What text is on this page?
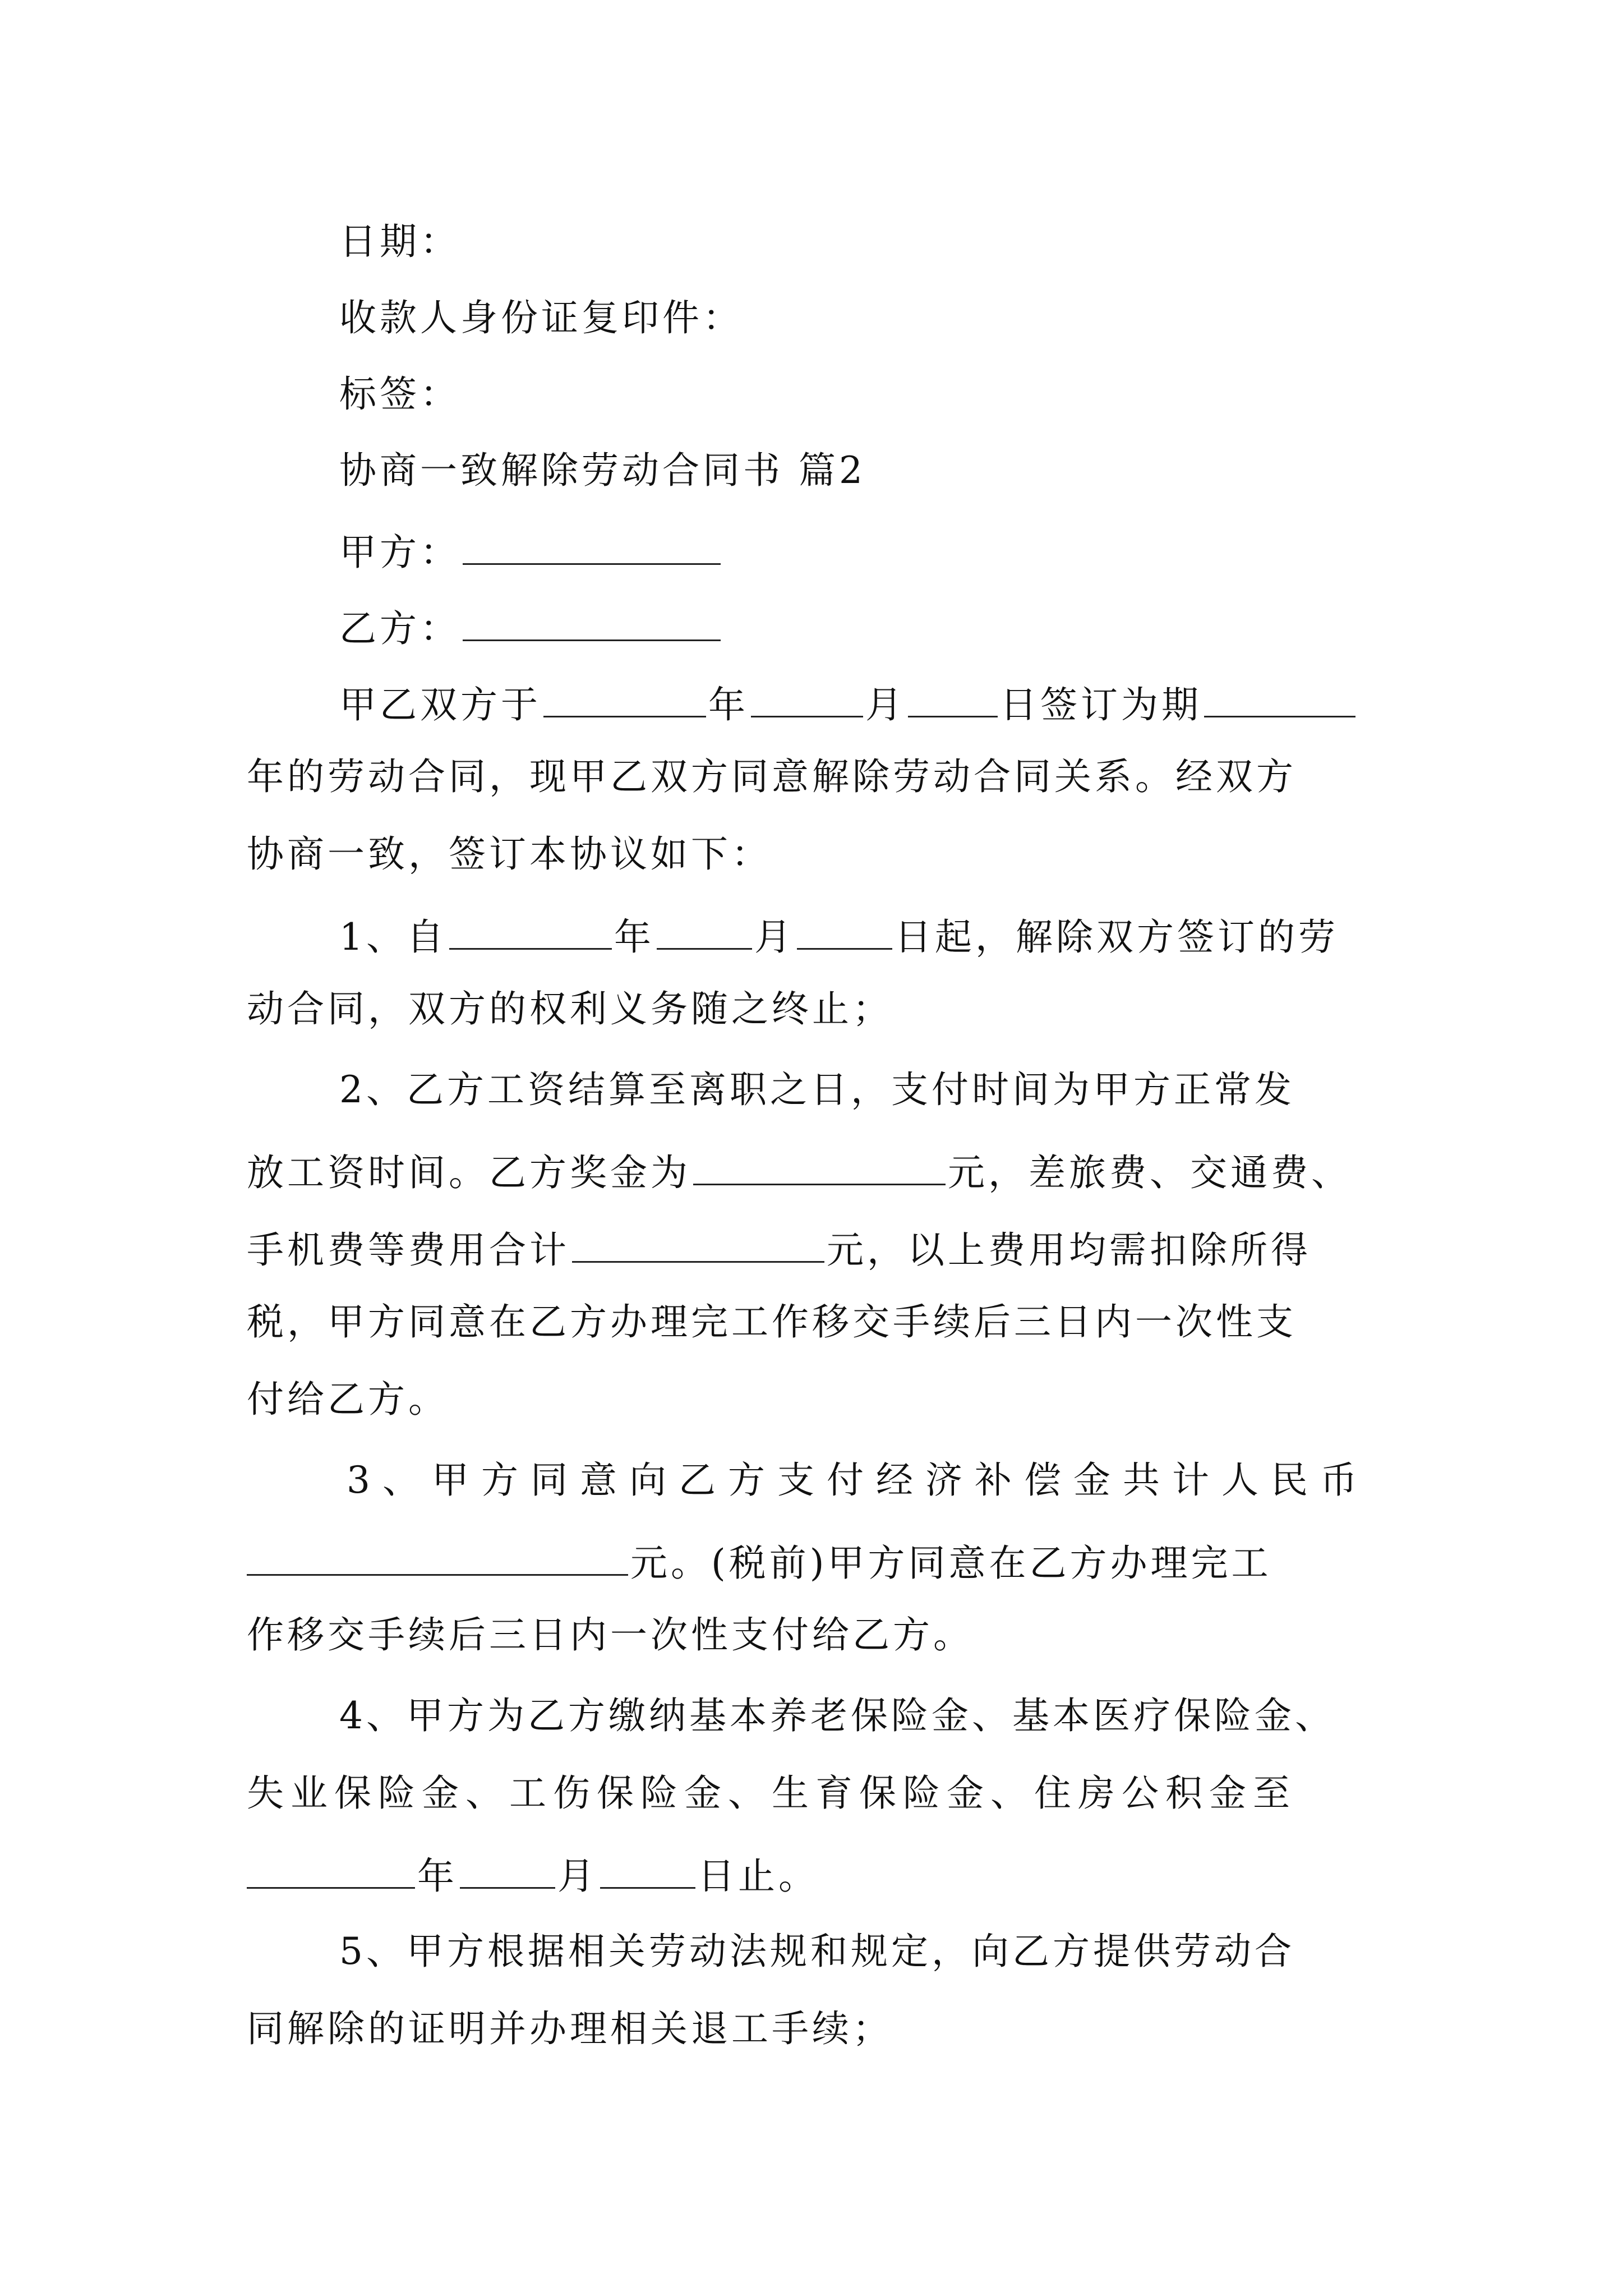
日期：
收款人身份证复印件：
标签：
协商一致解除劳动合同书 篇2
甲方：
乙方：
甲乙双方于	年	月	日签订为期
年的劳动合同，现甲乙双方同意解除劳动合同关系。经双方
协商一致，签订本协议如下：
1、自	年	月	日起，解除双方签订的劳
动合同，双方的权利义务随之终止；
2、乙方工资结算至离职之日，支付时间为甲方正常发
放工资时间。乙方奖金为	元，差旅费、交通费、
手机费等费用合计	元，以上费用均需扣除所得
税，甲方同意在乙方办理完工作移交手续后三日内一次性支
付给乙方。
3、甲方同意向乙方支付经济补偿金共计人民币
元。(税前)甲方同意在乙方办理完工
作移交手续后三日内一次性支付给乙方。
4、甲方为乙方缴纳基本养老保险金、基本医疗保险金、
失业保险金、工伤保险金、生育保险金、住房公积金至
年	月	日止。
5、甲方根据相关劳动法规和规定，向乙方提供劳动合
同解除的证明并办理相关退工手续；
